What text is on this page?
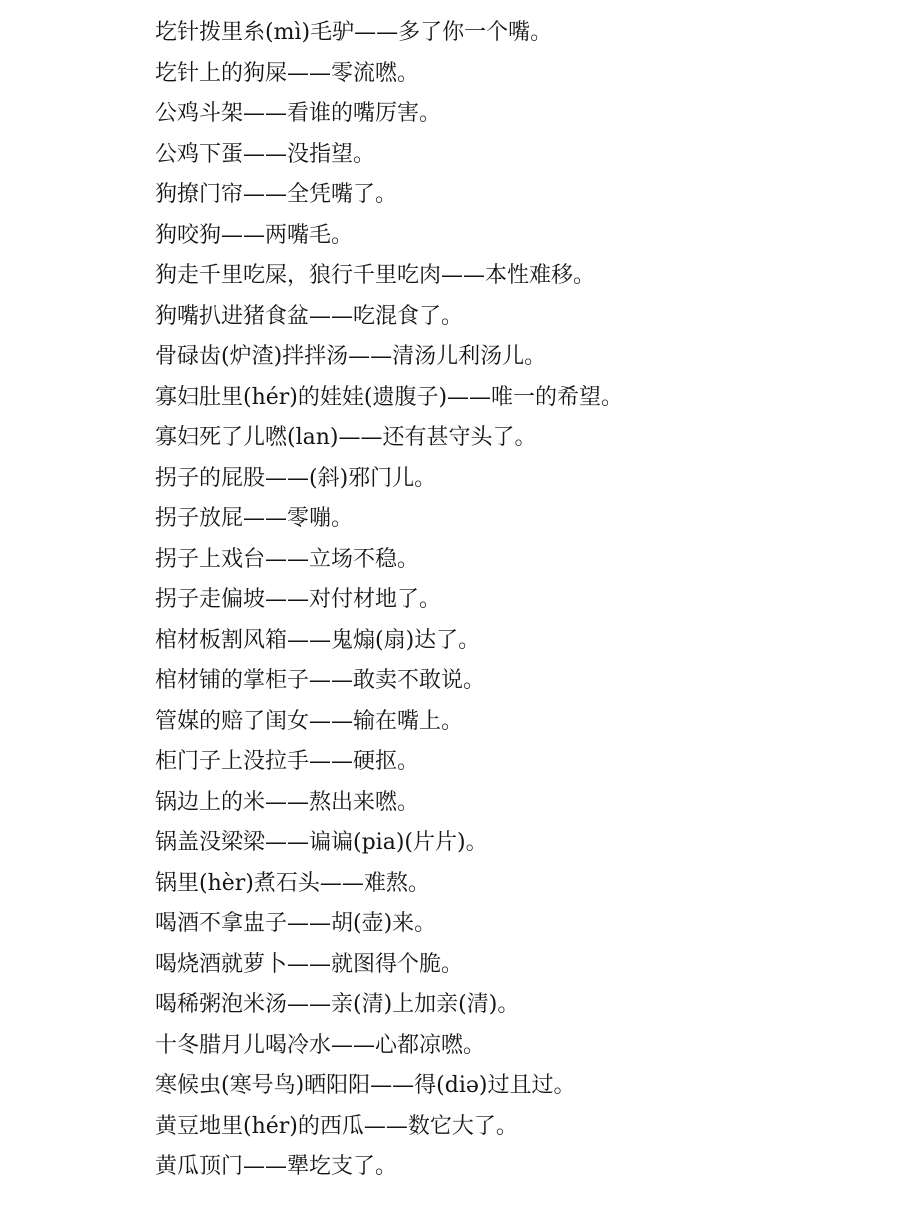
圪针拨里糸(mì)毛驴——多了你一个嘴。
圪针上的狗屎——零流嘫。
公鸡斗架——看谁的嘴厉害。
公鸡下蛋——没指望。
狗撩门帘——全凭嘴了。
狗咬狗——两嘴毛。
狗走千里吃屎，狼行千里吃肉——本性难移。
狗嘴扒进猪食盆——吃混食了。
骨碌齿(炉渣)拌拌汤——清汤儿利汤儿。
寡妇肚里(hér)的娃娃(遗腹子)——唯一的希望。
寡妇死了儿嘫(lan)——还有甚守头了。
拐子的屁股——(斜)邪门儿。
拐子放屁——零嘣。
拐子上戏台——立场不稳。
拐子走偏坡——对付材地了。
棺材板割风箱——鬼煽(扇)达了。
棺材铺的掌柜子——敢卖不敢说。
管媒的赔了闺女——输在嘴上。
柜门子上没拉手——硬抠。
锅边上的米——熬出来嘫。
锅盖没梁梁——谝谝(pia)(片片)。
锅里(hèr)煮石头——难熬。
喝酒不拿盅子——胡(壶)来。
喝烧酒就萝卜——就图得个脆。
喝稀粥泡米汤——亲(清)上加亲(清)。
十冬腊月儿喝冷水——心都凉嘫。
寒候虫(寒号鸟)晒阳阳——得(diə)过且过。
黄豆地里(hér)的西瓜——数它大了。
黄瓜顶门——犟圪支了。
